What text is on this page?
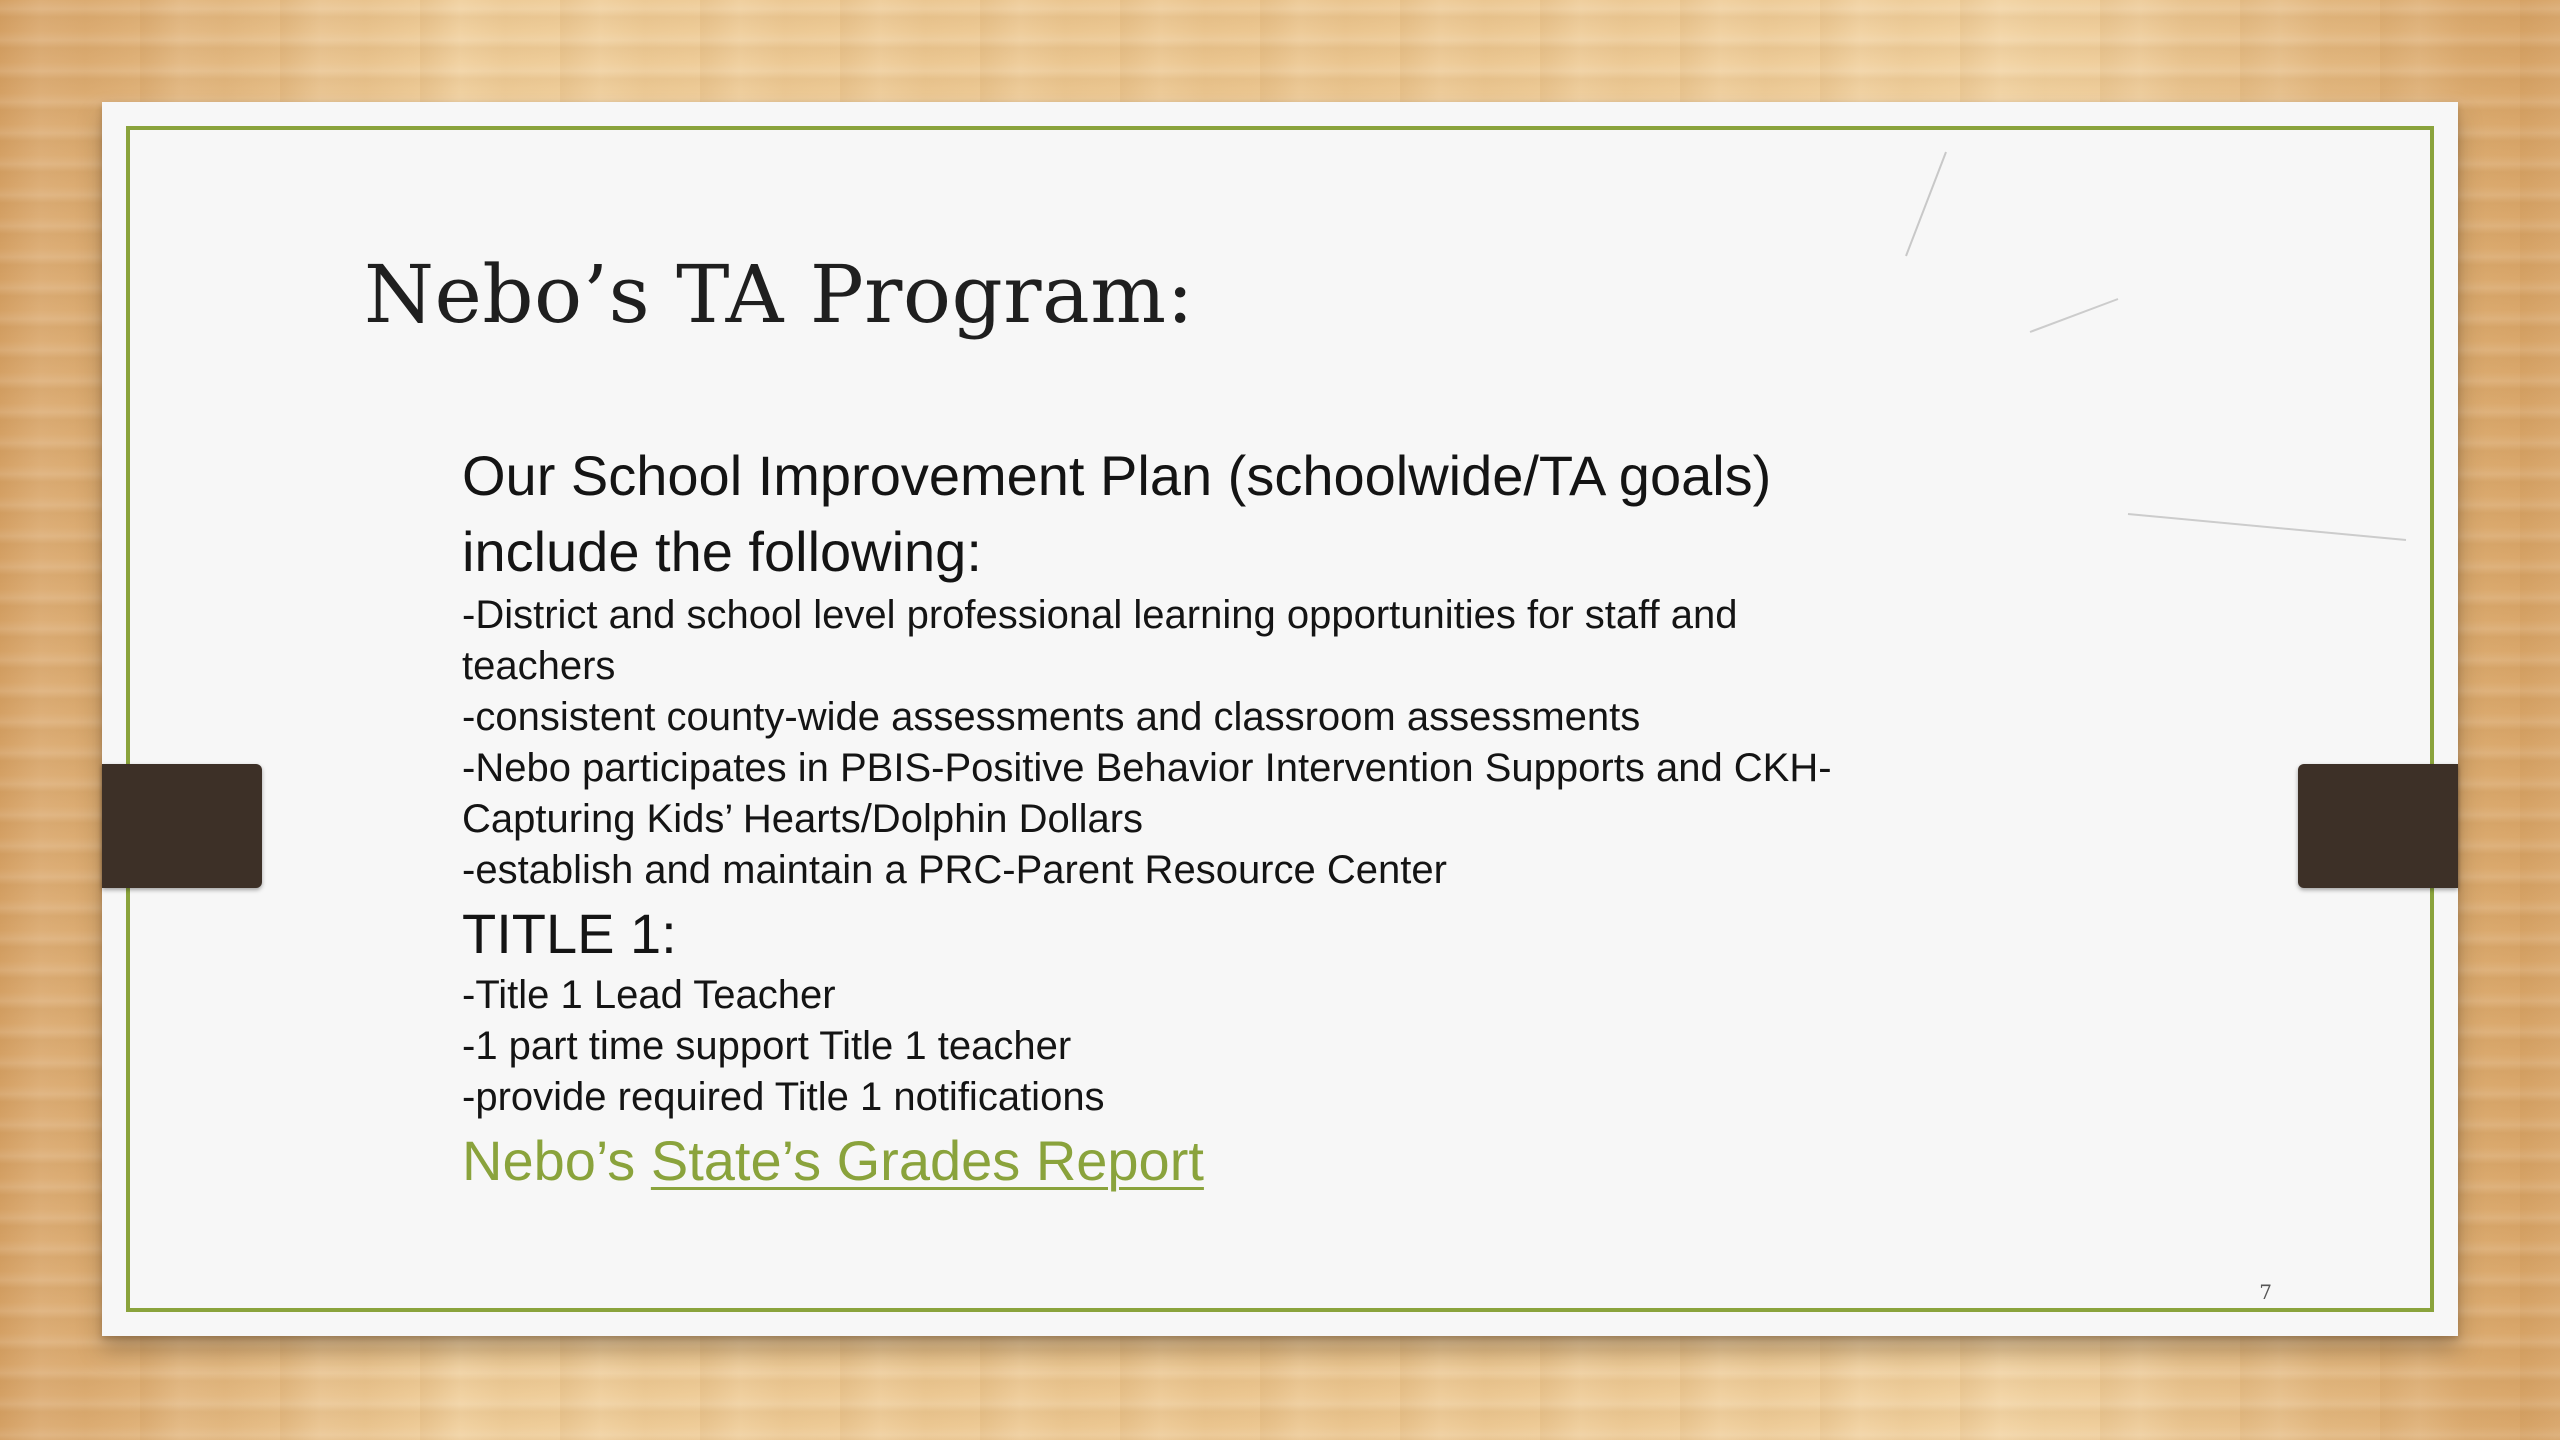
Nebo’s TA Program:

Our School Improvement Plan (schoolwide/TA goals) include the following:

-District and school level professional learning opportunities for staff and teachers

-consistent county-wide assessments and classroom assessments

-Nebo participates in PBIS-Positive Behavior Intervention Supports and CKH-Capturing Kids’ Hearts/Dolphin Dollars

-establish and maintain a PRC-Parent Resource Center

TITLE 1:

-Title 1 Lead Teacher

-1 part time support Title 1 teacher

-provide required Title 1 notifications

Nebo’s State’s Grades Report

7
